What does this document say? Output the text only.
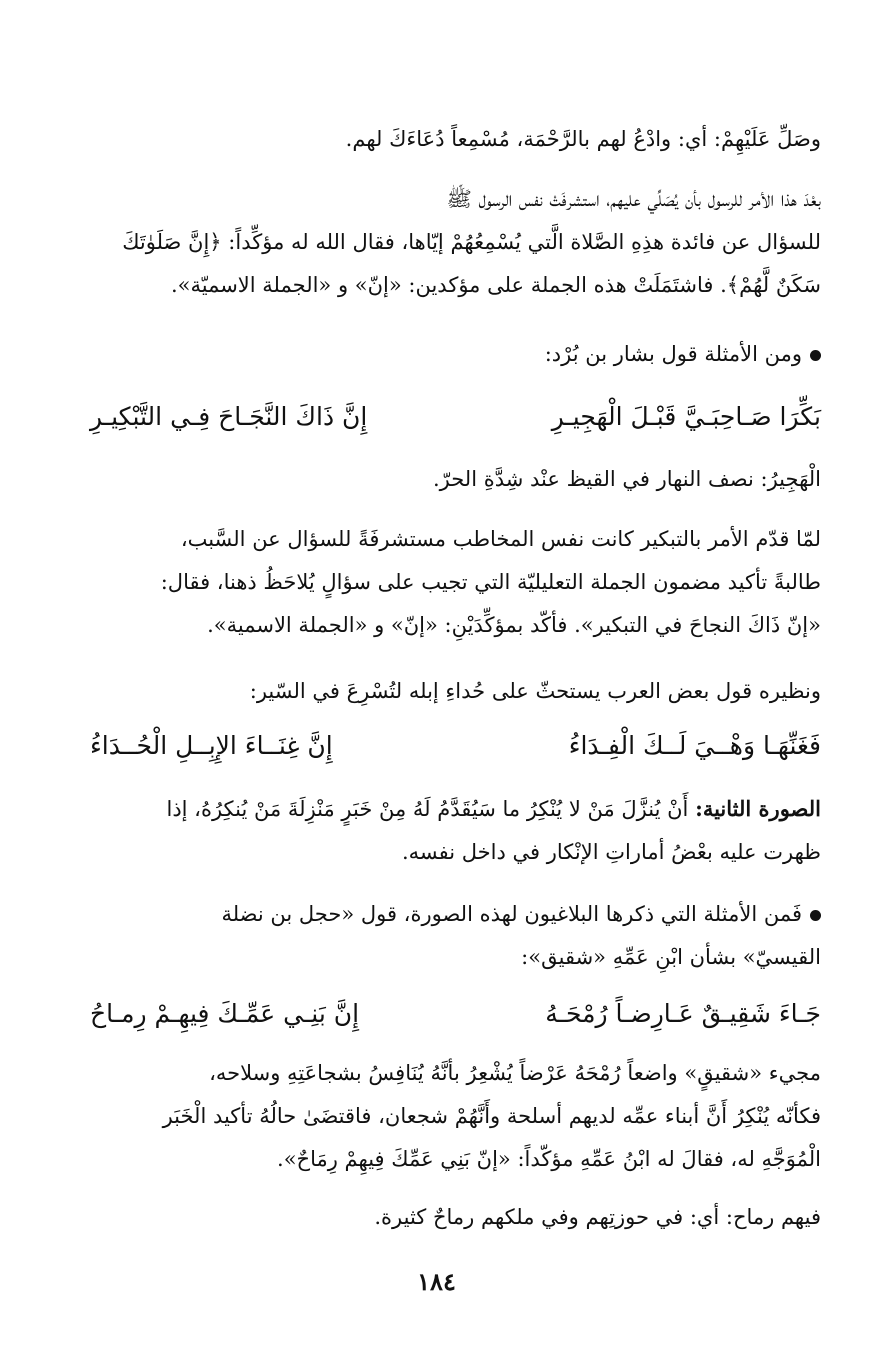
وصَلِّ عَلَيْهِمْ: أي: وادْعُ لهم بالرَّحْمَة، مُسْمِعاً دُعَاءَكَ لهم.
بعْدَ هذا الأمر للرسول بأن يُصَلِّي عليهم، استشرفَتْ نفس الرسول ﷺ
للسؤال عن فائدة هذِهِ الصَّلاة الَّتي يُسْمِعُهُمْ إيّاها، فقال الله له مؤكِّداً: ﴿إِنَّ صَلَوٰتَكَ
سَكَنٌ لَّهُمْ﴾. فاشتَمَلَتْ هذه الجملة على مؤكدين: «إنّ» و «الجملة الاسميّة».
ومن الأمثلة قول بشار بن بُرْد:
بَكِّرَا صَـاحِبَـيَّ قَبْـلَ الْهَجِيـرِ
إِنَّ ذَاكَ النَّجَـاحَ فِـي التَّبْكِيـرِ
الْهَجِيرُ: نصف النهار في القيظ عنْد شِدَّةِ الحرّ.
لمّا قدّم الأمر بالتبكير كانت نفس المخاطب مستشرفَةً للسؤال عن السَّبب،
طالبةً تأكيد مضمون الجملة التعليليّة التي تجيب على سؤالٍ يُلاحَظُ ذهنا، فقال:
«إنّ ذَاكَ النجاحَ في التبكير». فأكّد بمؤكِّدَيْنِ: «إنّ» و «الجملة الاسمية».
ونظيره قول بعض العرب يستحثّ على حُداءِ إبله لتُسْرِعَ في السّير:
فَغَنِّهَـا وَهْــيَ لَــكَ الْفِـدَاءُ
إِنَّ غِنَــاءَ الإِبِــلِ الْحُــدَاءُ
الصورة الثانية: أَنْ يُنزَّلَ مَنْ لا يُنْكِرُ ما سَيُقَدَّمُ لَهُ مِنْ خَبَرٍ مَنْزِلَةَ مَنْ يُنكِرُهُ، إذا
ظهرت عليه بعْضُ أماراتِ الإنْكار في داخل نفسه.
فَمن الأمثلة التي ذكرها البلاغيون لهذه الصورة، قول «حجل بن نضلة
القيسيّ» بشأن ابْنِ عَمِّهِ «شقيق»:
جَـاءَ شَقِيـقٌ عَـارِضـاً رُمْحَـهُ
إِنَّ بَنِـي عَمِّـكَ فِيهِـمْ رِمـاحُ
مجيء «شقيقٍ» واضعاً رُمْحَهُ عَرْضاً يُشْعِرُ بأنَّهُ يُنَافِسُ بشجاعَتِهِ وسلاحه،
فكأنّه يُنْكِرُ أَنَّ أبناء عمِّه لديهم أسلحة وأَنَّهُمْ شجعان، فاقتضَىٰ حالُهُ تأكيد الْخَبَر
الْمُوَجَّهِ له، فقالَ له ابْنُ عَمِّهِ مؤكّداً: «إنّ بَنِي عَمِّكَ فِيهِمْ رِمَاحٌ».
فيهم رماح: أي: في حوزتِهم وفي ملكهم رماحٌ كثيرة.
١٨٤
